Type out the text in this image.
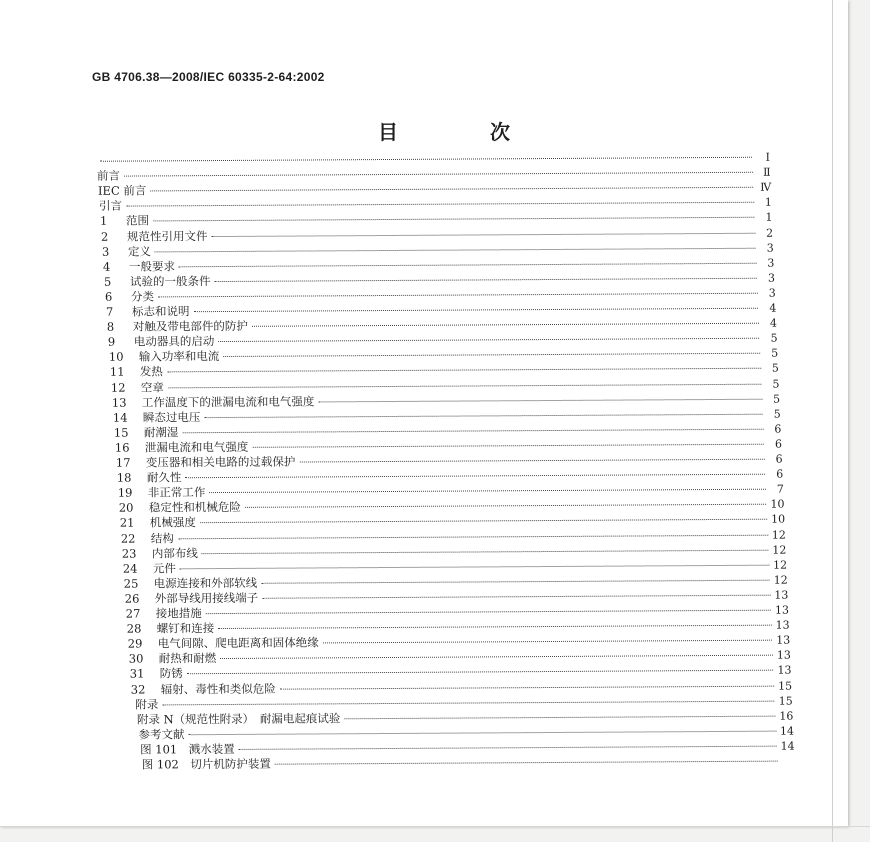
GB 4706.38—2008/IEC 60335-2-64:2002
目　次
Ⅰ
前言	Ⅱ
IEC 前言	Ⅳ
引言	1
1	范围	1
2	规范性引用文件	2
3	定义	3
4	一般要求	3
5	试验的一般条件	3
6	分类	3
7	标志和说明	4
8	对触及带电部件的防护	4
9	电动器具的启动	5
10	输入功率和电流	5
11	发热	5
12	空章	5
13	工作温度下的泄漏电流和电气强度	5
14	瞬态过电压	5
15	耐潮湿	6
16	泄漏电流和电气强度	6
17	变压器和相关电路的过载保护	6
18	耐久性	6
19	非正常工作	7
20	稳定性和机械危险	10
21	机械强度	10
22	结构	12
23	内部布线	12
24	元件	12
25	电源连接和外部软线	12
26	外部导线用接线端子	13
27	接地措施	13
28	螺钉和连接	13
29	电气间隙、爬电距离和固体绝缘	13
30	耐热和耐燃	13
31	防锈	13
32	辐射、毒性和类似危险	15
附录	15
附录 N（规范性附录）　耐漏电起痕试验	16
参考文献	14
图 101　溅水装置	14
图 102　切片机防护装置
